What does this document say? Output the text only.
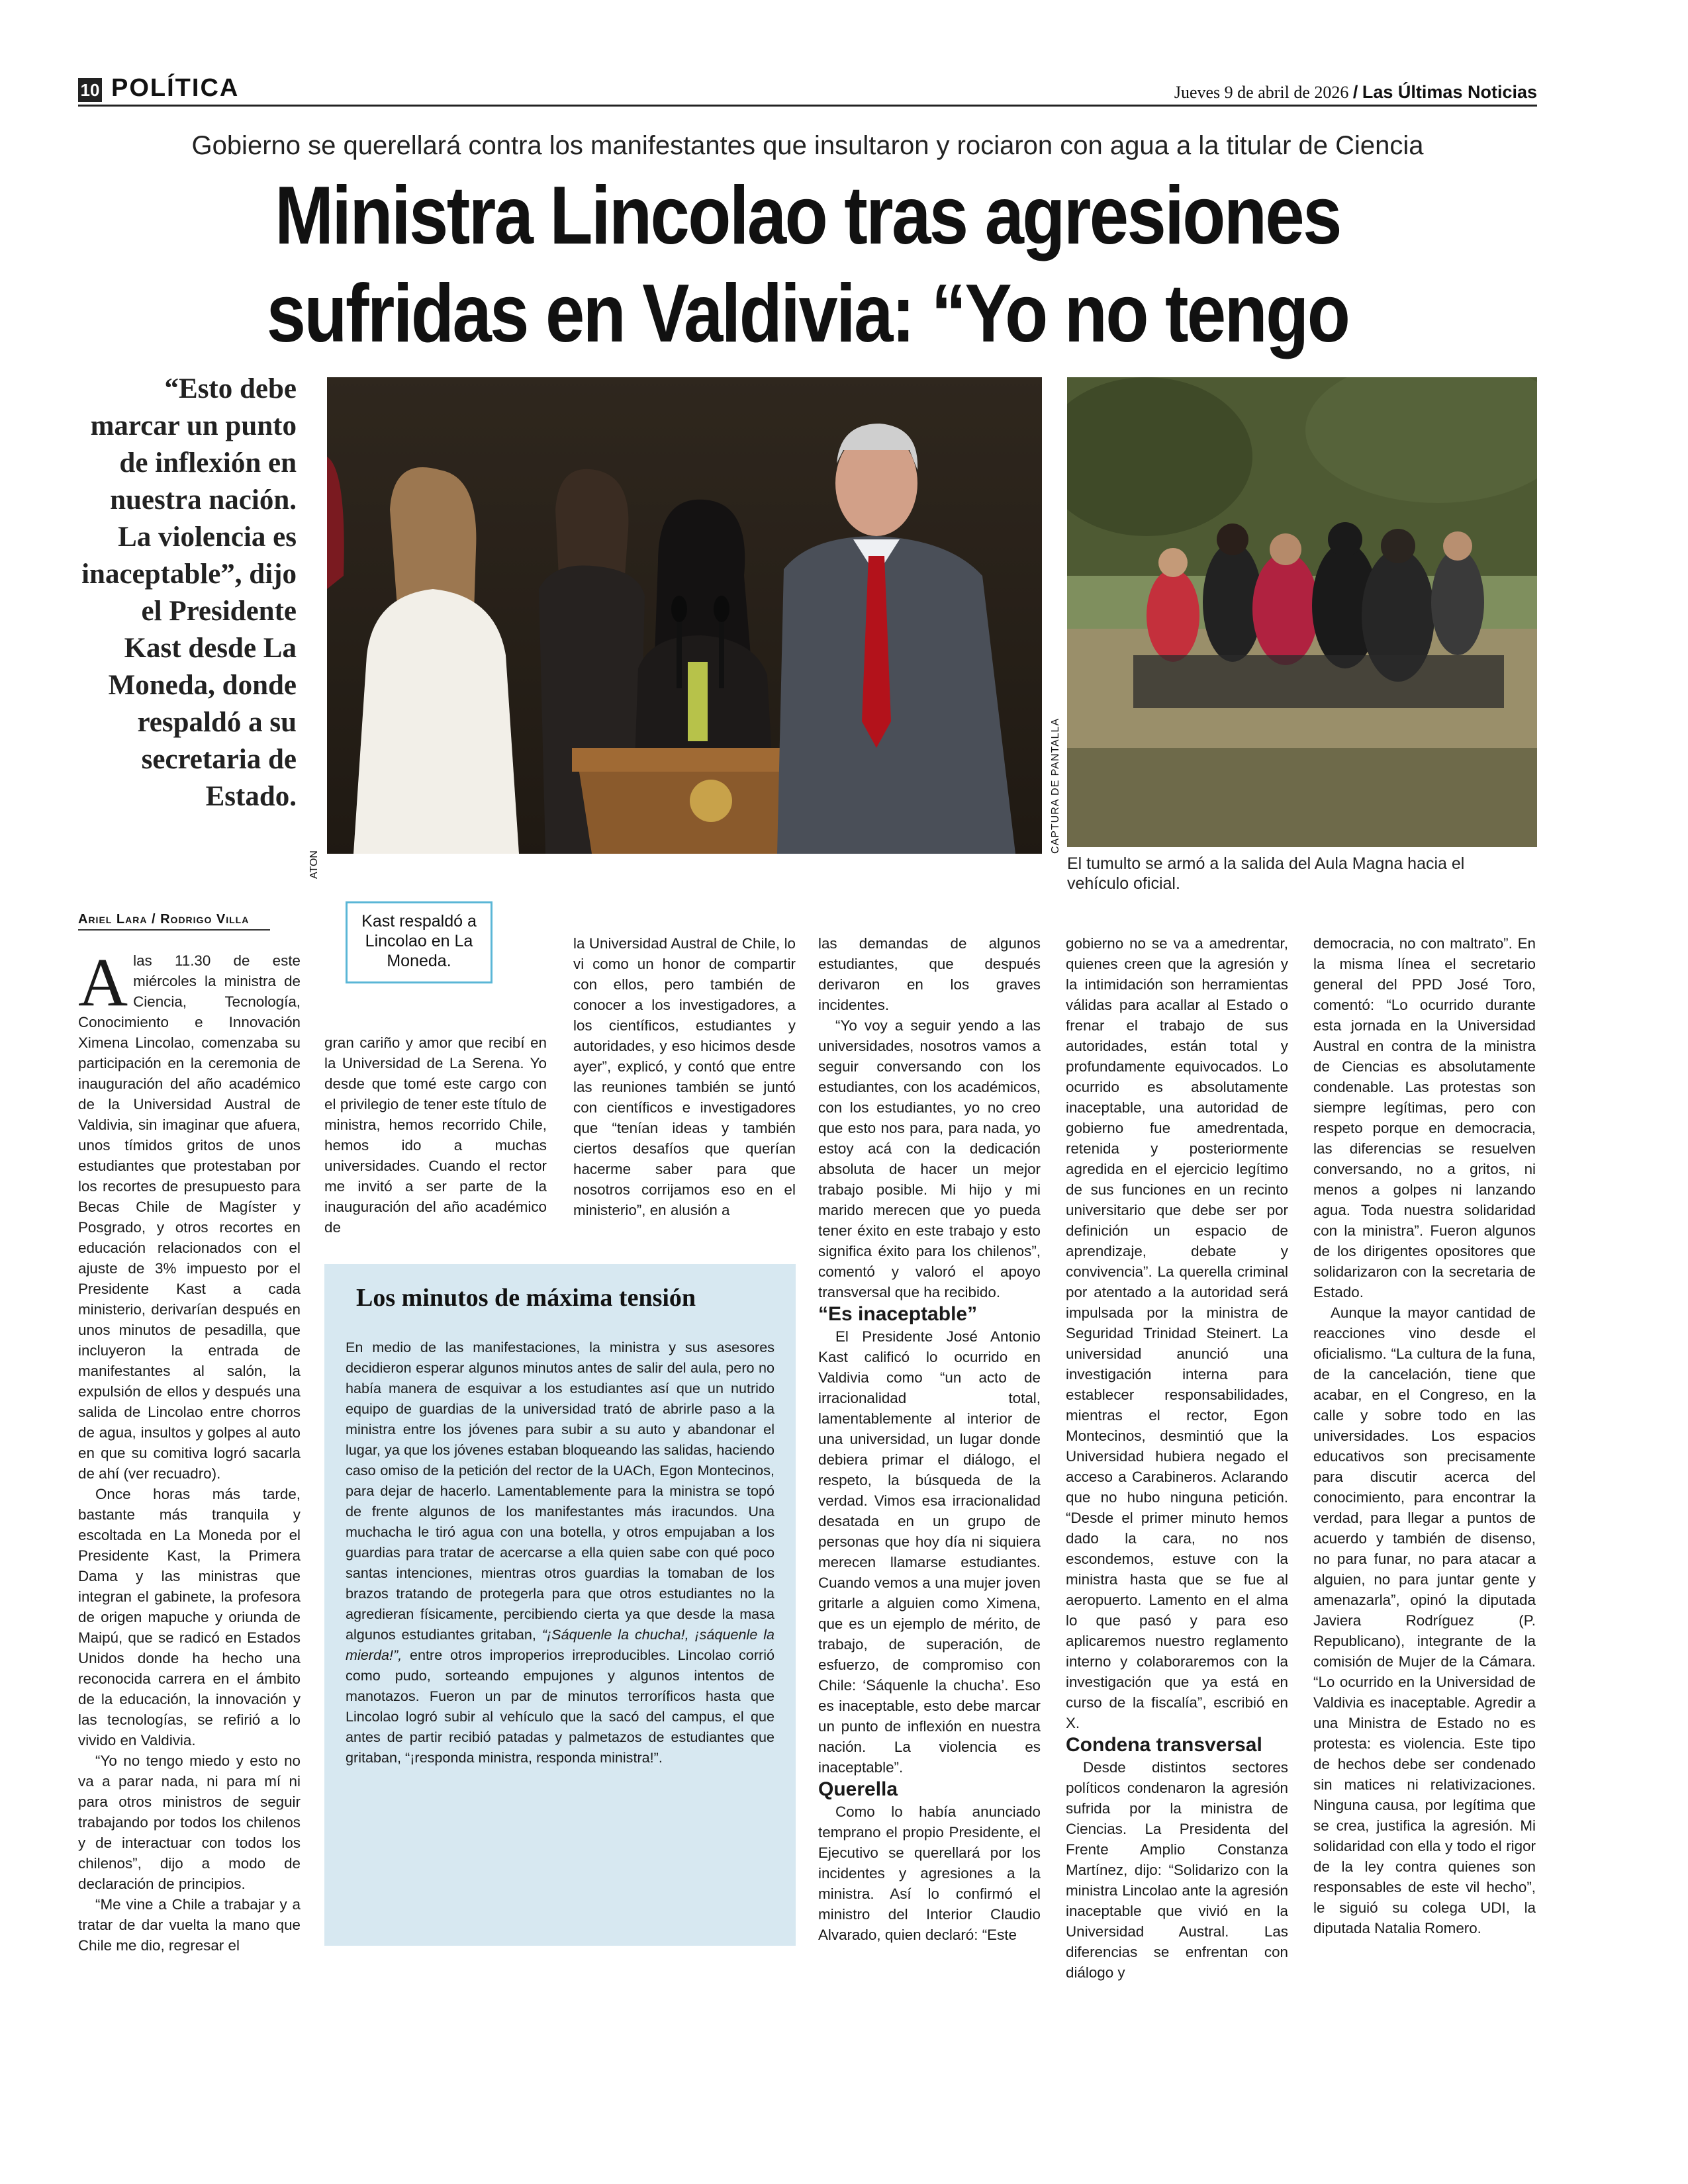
10 POLÍTICA	Jueves 9 de abril de 2026 / Las Últimas Noticias
Gobierno se querellará contra los manifestantes que insultaron y rociaron con agua a la titular de Ciencia
Ministra Lincolao tras agresiones sufridas en Valdivia: “Yo no tengo
“Esto debe marcar un punto de inflexión en nuestra nación. La violencia es inaceptable”, dijo el Presidente Kast desde La Moneda, donde respaldó a su secretaria de Estado.
Ariel Lara / Rodrigo Villa
ATON
Kast respaldó a Lincolao en La Moneda.
CAPTURA DE PANTALLA
El tumulto se armó a la salida del Aula Magna hacia el vehículo oficial.

Alas 11.30 de este miércoles la ministra de Ciencia, Tecnología, Conocimiento e Innovación Ximena Lincolao, comenzaba su participación en la ceremonia de inauguración del año académico de la Universidad Austral de Valdivia, sin imaginar que afuera, unos tímidos gritos de unos estudiantes que protestaban por los recortes de presupuesto para Becas Chile de Magíster y Posgrado, y otros recortes en educación relacionados con el ajuste de 3% impuesto por el Presidente Kast a cada ministerio, derivarían después en unos minutos de pesadilla, que incluyeron la entrada de manifestantes al salón, la expulsión de ellos y después una salida de Lincolao entre chorros de agua, insultos y golpes al auto en que su comitiva logró sacarla de ahí (ver recuadro).

Once horas más tarde, bastante más tranquila y escoltada en La Moneda por el Presidente Kast, la Primera Dama y las ministras que integran el gabinete, la profesora de origen mapuche y oriunda de Maipú, que se radicó en Estados Unidos donde ha hecho una reconocida carrera en el ámbito de la educación, la innovación y las tecnologías, se refirió a lo vivido en Valdivia.

“Yo no tengo miedo y esto no va a parar nada, ni para mí ni para otros ministros de seguir trabajando por todos los chilenos y de interactuar con todos los chilenos”, dijo a modo de declaración de principios.

“Me vine a Chile a trabajar y a tratar de dar vuelta la mano que Chile me dio, regresar el

gran cariño y amor que recibí en la Universidad de La Serena. Yo desde que tomé este cargo con el privilegio de tener este título de ministra, hemos recorrido Chile, hemos ido a muchas universidades. Cuando el rector me invitó a ser parte de la inauguración del año académico de

la Universidad Austral de Chile, lo vi como un honor de compartir con ellos, pero también de conocer a los investigadores, a los científicos, estudiantes y autoridades, y eso hicimos desde ayer”, explicó, y contó que entre las reuniones también se juntó con científicos e investigadores que “tenían ideas y también ciertos desafíos que querían hacerme saber para que nosotros corrijamos eso en el ministerio”, en alusión a

Los minutos de máxima tensión
En medio de las manifestaciones, la ministra y sus asesores decidieron esperar algunos minutos antes de salir del aula, pero no había manera de esquivar a los estudiantes así que un nutrido equipo de guardias de la universidad trató de abrirle paso a la ministra entre los jóvenes para subir a su auto y abandonar el lugar, ya que los jóvenes estaban bloqueando las salidas, haciendo caso omiso de la petición del rector de la UACh, Egon Montecinos, para dejar de hacerlo. Lamentablemente para la ministra se topó de frente algunos de los manifestantes más iracundos. Una muchacha le tiró agua con una botella, y otros empujaban a los guardias para tratar de acercarse a ella quien sabe con qué poco santas intenciones, mientras otros guardias la tomaban de los brazos tratando de protegerla para que otros estudiantes no la agredieran físicamente, percibiendo cierta ya que desde la masa algunos estudiantes gritaban, “¡Sáquenle la chucha!, ¡sáquenle la mierda!”, entre otros improperios irreproducibles. Lincolao corrió como pudo, sorteando empujones y algunos intentos de manotazos. Fueron un par de minutos terroríficos hasta que Lincolao logró subir al vehículo que la sacó del campus, el que antes de partir recibió patadas y palmetazos de estudiantes que gritaban, “¡responda ministra, responda ministra!”.

las demandas de algunos estudiantes, que después derivaron en los graves incidentes.

“Yo voy a seguir yendo a las universidades, nosotros vamos a seguir conversando con los estudiantes, con los académicos, con los estudiantes, yo no creo que esto nos para, para nada, yo estoy acá con la dedicación absoluta de hacer un mejor trabajo posible. Mi hijo y mi marido merecen que yo pueda tener éxito en este trabajo y esto significa éxito para los chilenos”, comentó y valoró el apoyo transversal que ha recibido.

“Es inaceptable”

El Presidente José Antonio Kast calificó lo ocurrido en Valdivia como “un acto de irracionalidad total, lamentablemente al interior de una universidad, un lugar donde debiera primar el diálogo, el respeto, la búsqueda de la verdad. Vimos esa irracionalidad desatada en un grupo de personas que hoy día ni siquiera merecen llamarse estudiantes. Cuando vemos a una mujer joven gritarle a alguien como Ximena, que es un ejemplo de mérito, de trabajo, de superación, de esfuerzo, de compromiso con Chile: ‘Sáquenle la chucha’. Eso es inaceptable, esto debe marcar un punto de inflexión en nuestra nación. La violencia es inaceptable”.

Querella

Como lo había anunciado temprano el propio Presidente, el Ejecutivo se querellará por los incidentes y agresiones a la ministra. Así lo confirmó el ministro del Interior Claudio Alvarado, quien declaró: “Este

gobierno no se va a amedrentar, quienes creen que la agresión y la intimidación son herramientas válidas para acallar al Estado o frenar el trabajo de sus autoridades, están total y profundamente equivocados. Lo ocurrido es absolutamente inaceptable, una autoridad de gobierno fue amedrentada, retenida y posteriormente agredida en el ejercicio legítimo de sus funciones en un recinto universitario que debe ser por definición un espacio de aprendizaje, debate y convivencia”. La querella criminal por atentado a la autoridad será impulsada por la ministra de Seguridad Trinidad Steinert. La universidad anunció una investigación interna para establecer responsabilidades, mientras el rector, Egon Montecinos, desmintió que la Universidad hubiera negado el acceso a Carabineros. Aclarando que no hubo ninguna petición. “Desde el primer minuto hemos dado la cara, no nos escondemos, estuve con la ministra hasta que se fue al aeropuerto. Lamento en el alma lo que pasó y para eso aplicaremos nuestro reglamento interno y colaboraremos con la investigación que ya está en curso de la fiscalía”, escribió en X.

Condena transversal

Desde distintos sectores políticos condenaron la agresión sufrida por la ministra de Ciencias. La Presidenta del Frente Amplio Constanza Martínez, dijo: “Solidarizo con la ministra Lincolao ante la agresión inaceptable que vivió en la Universidad Austral. Las diferencias se enfrentan con diálogo y

democracia, no con maltrato”. En la misma línea el secretario general del PPD José Toro, comentó: “Lo ocurrido durante esta jornada en la Universidad Austral en contra de la ministra de Ciencias es absolutamente condenable. Las protestas son siempre legítimas, pero con respeto porque en democracia, las diferencias se resuelven conversando, no a gritos, ni menos a golpes ni lanzando agua. Toda nuestra solidaridad con la ministra”. Fueron algunos de los dirigentes opositores que solidarizaron con la secretaria de Estado.

Aunque la mayor cantidad de reacciones vino desde el oficialismo. “La cultura de la funa, de la cancelación, tiene que acabar, en el Congreso, en la calle y sobre todo en las universidades. Los espacios educativos son precisamente para discutir acerca del conocimiento, para encontrar la verdad, para llegar a puntos de acuerdo y también de disenso, no para funar, no para atacar a alguien, no para juntar gente y amenazarla”, opinó la diputada Javiera Rodríguez (P. Republicano), integrante de la comisión de Mujer de la Cámara. “Lo ocurrido en la Universidad de Valdivia es inaceptable. Agredir a una Ministra de Estado no es protesta: es violencia. Este tipo de hechos debe ser condenado sin matices ni relativizaciones. Ninguna causa, por legítima que se crea, justifica la agresión. Mi solidaridad con ella y todo el rigor de la ley contra quienes son responsables de este vil hecho”, le siguió su colega UDI, la diputada Natalia Romero.
